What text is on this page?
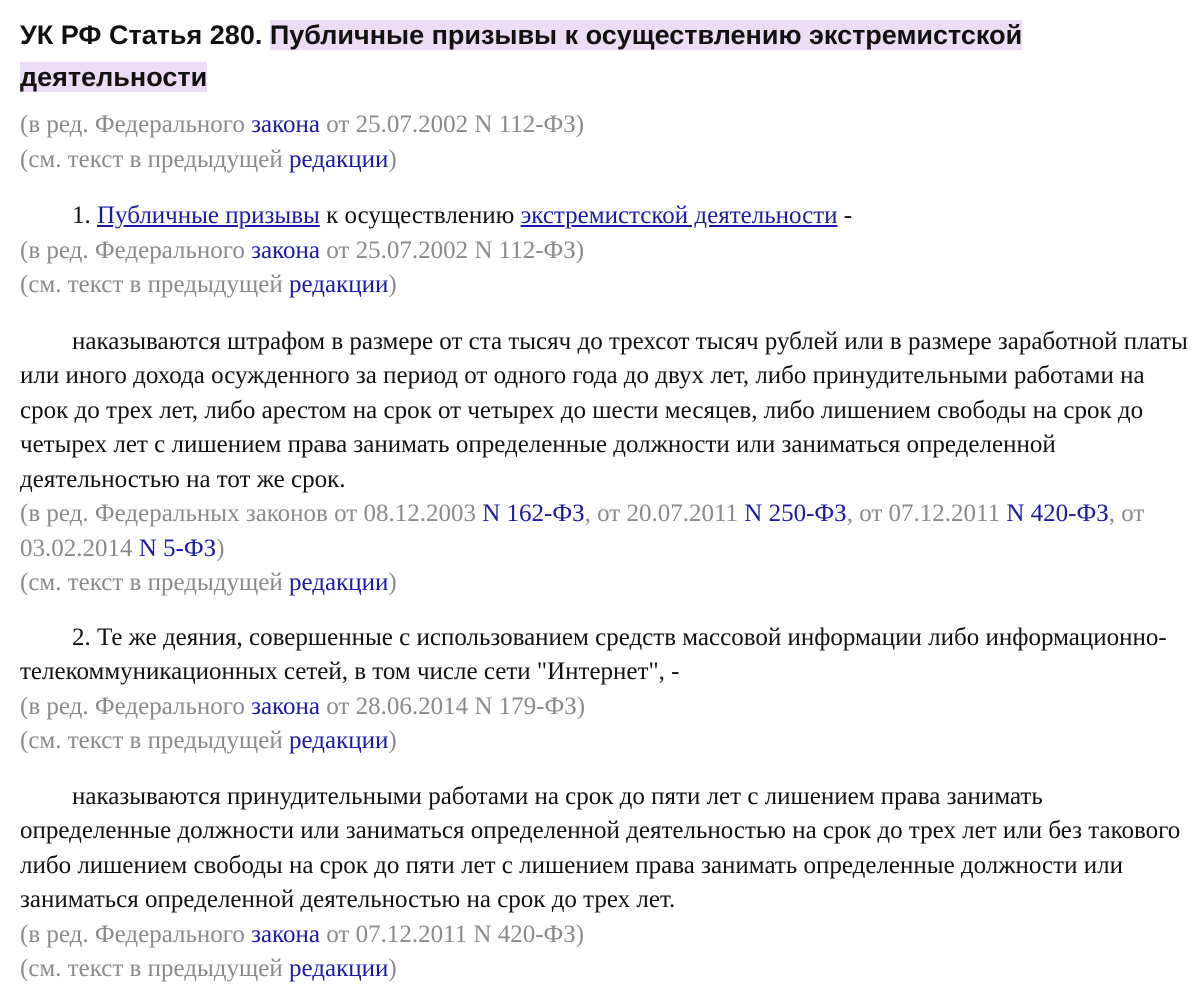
УК РФ Статья 280. Публичные призывы к осуществлению экстремистской деятельности

(в ред. Федерального закона от 25.07.2002 N 112-ФЗ)

(см. текст в предыдущей редакции)

1. Публичные призывы к осуществлению экстремистской деятельности -

(в ред. Федерального закона от 25.07.2002 N 112-ФЗ)

(см. текст в предыдущей редакции)

наказываются штрафом в размере от ста тысяч до трехсот тысяч рублей или в размере заработной платы или иного дохода осужденного за период от одного года до двух лет, либо принудительными работами на срок до трех лет, либо арестом на срок от четырех до шести месяцев, либо лишением свободы на срок до четырех лет с лишением права занимать определенные должности или заниматься определенной деятельностью на тот же срок.

(в ред. Федеральных законов от 08.12.2003 N 162-ФЗ, от 20.07.2011 N 250-ФЗ, от 07.12.2011 N 420-ФЗ, от 03.02.2014 N 5-ФЗ)

(см. текст в предыдущей редакции)

2. Те же деяния, совершенные с использованием средств массовой информации либо информационно-телекоммуникационных сетей, в том числе сети "Интернет", -

(в ред. Федерального закона от 28.06.2014 N 179-ФЗ)

(см. текст в предыдущей редакции)

наказываются принудительными работами на срок до пяти лет с лишением права занимать определенные должности или заниматься определенной деятельностью на срок до трех лет или без такового либо лишением свободы на срок до пяти лет с лишением права занимать определенные должности или заниматься определенной деятельностью на срок до трех лет.

(в ред. Федерального закона от 07.12.2011 N 420-ФЗ)

(см. текст в предыдущей редакции)
